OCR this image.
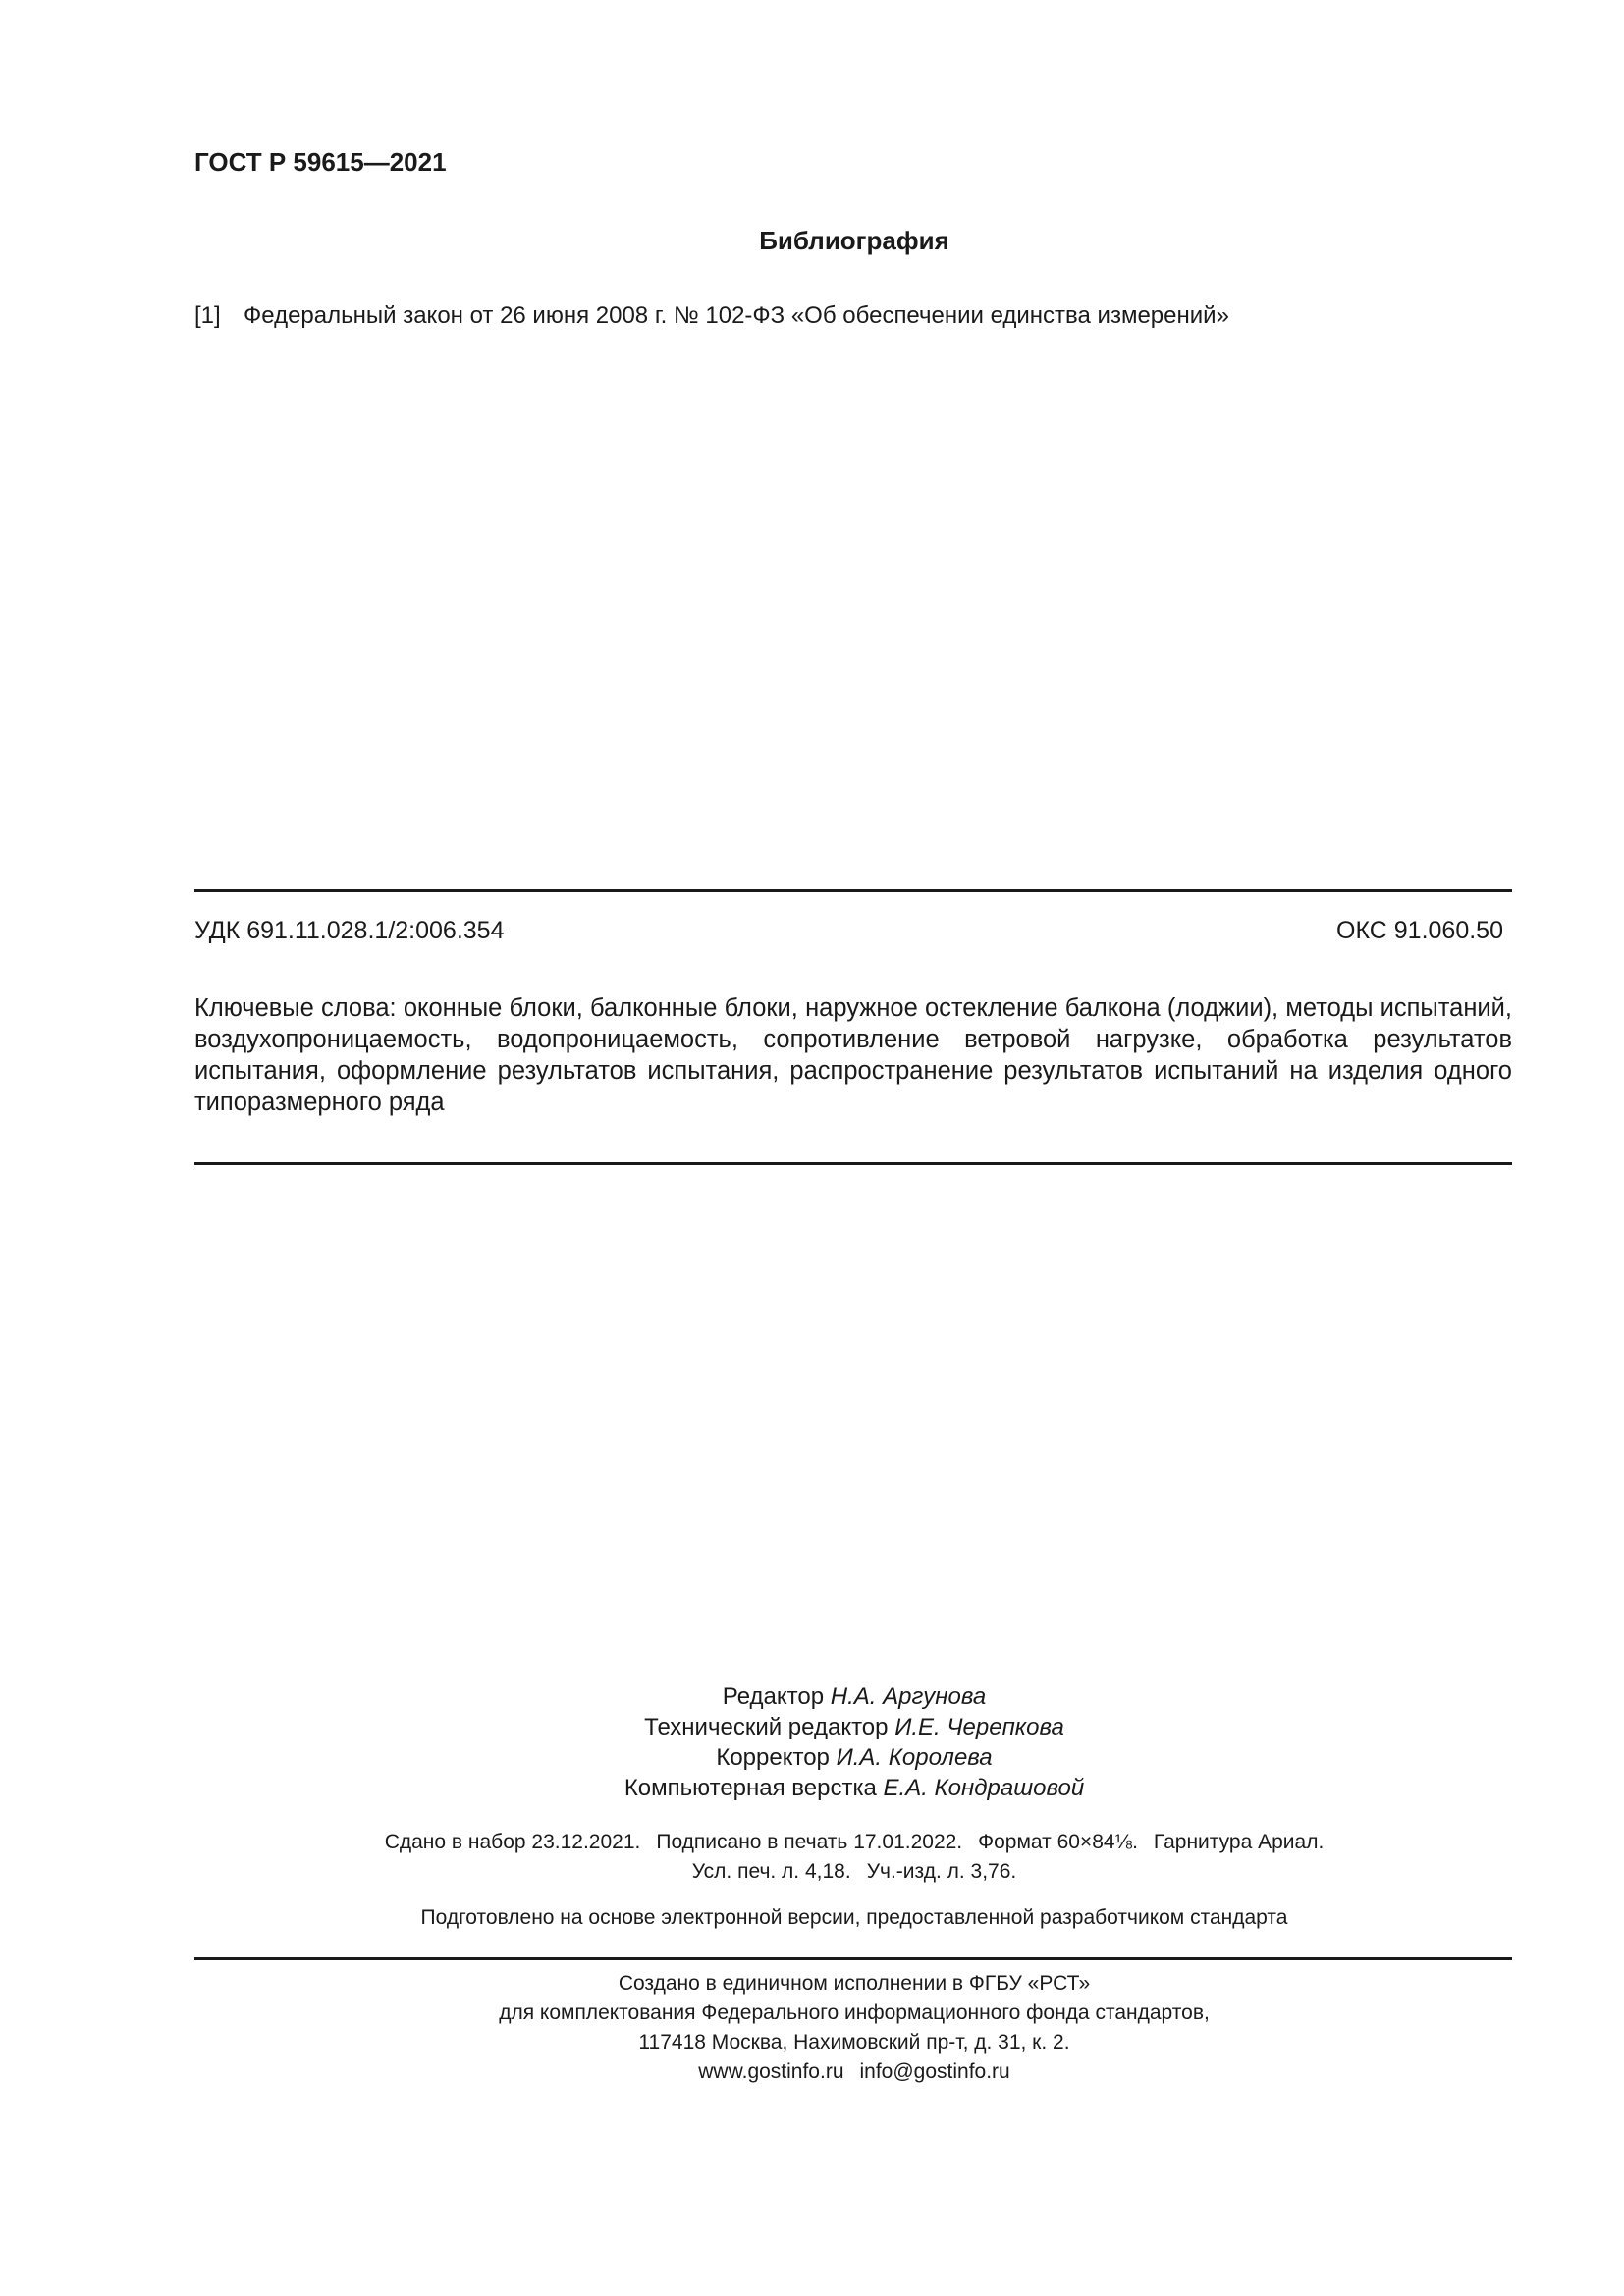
ГОСТ Р 59615—2021
Библиография
[1] Федеральный закон от 26 июня 2008 г. № 102-ФЗ «Об обеспечении единства измерений»
УДК 691.11.028.1/2:006.354	ОКС 91.060.50
Ключевые слова: оконные блоки, балконные блоки, наружное остекление балкона (лоджии), методы испытаний, воздухопроницаемость, водопроницаемость, сопротивление ветровой нагрузке, обработка результатов испытания, оформление результатов испытания, распространение результатов испытаний на изделия одного типоразмерного ряда
Редактор Н.А. Аргунова
Технический редактор И.Е. Черепкова
Корректор И.А. Королева
Компьютерная верстка Е.А. Кондрашовой
Сдано в набор 23.12.2021. Подписано в печать 17.01.2022. Формат 60×84⅛. Гарнитура Ариал.
Усл. печ. л. 4,18. Уч.-изд. л. 3,76.
Подготовлено на основе электронной версии, предоставленной разработчиком стандарта
Создано в единичном исполнении в ФГБУ «РСТ»
для комплектования Федерального информационного фонда стандартов,
117418 Москва, Нахимовский пр-т, д. 31, к. 2.
www.gostinfo.ru info@gostinfo.ru
